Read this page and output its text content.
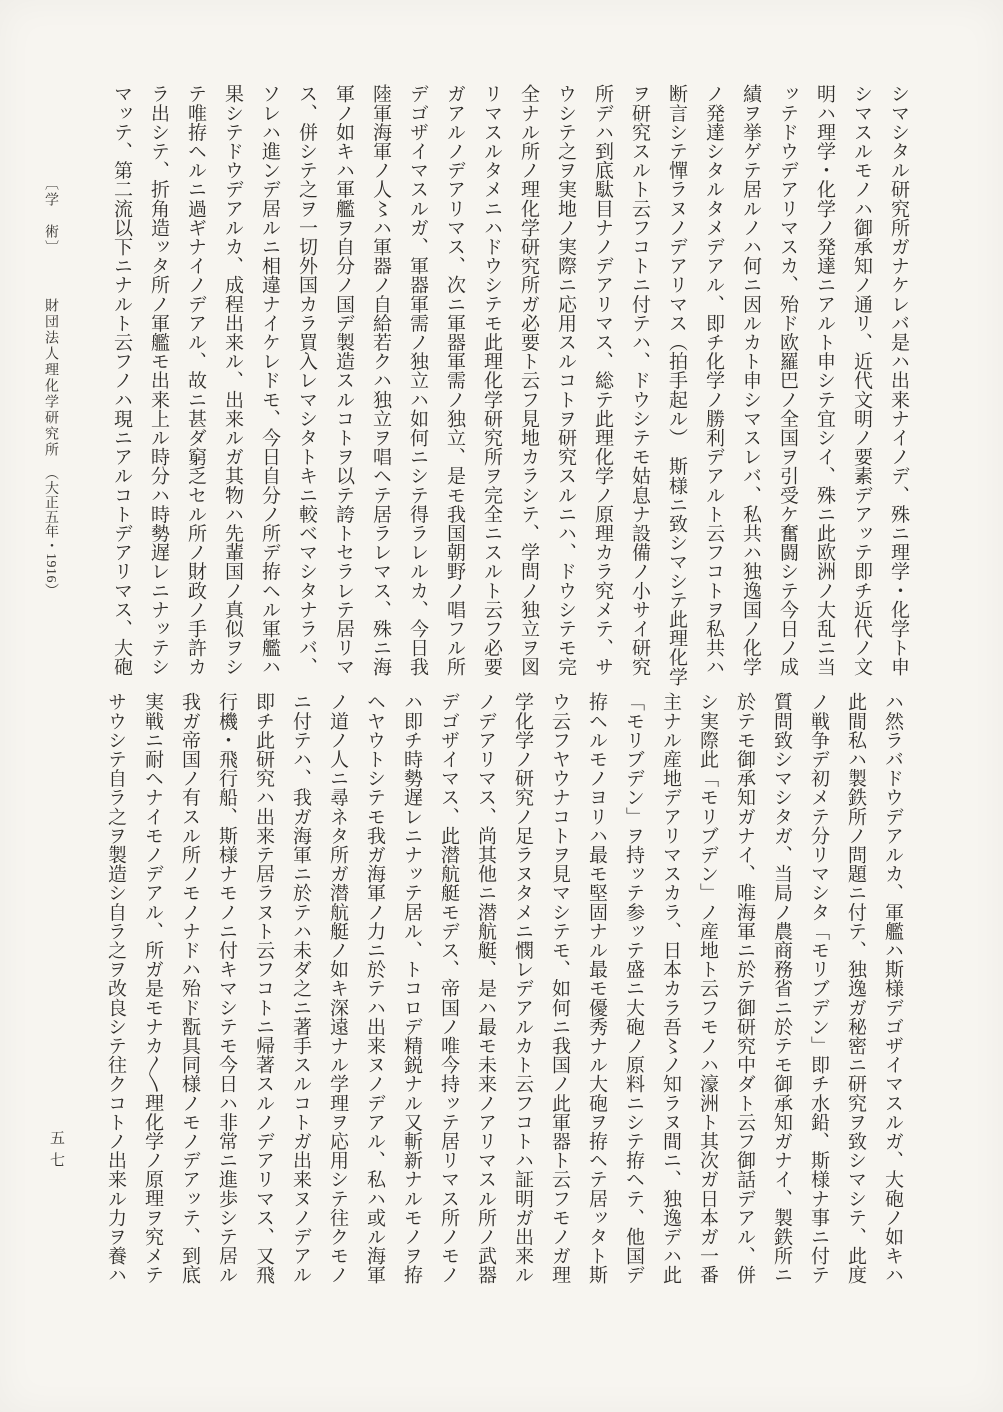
〔学　術〕財団法人理化学研究所（大正五年・1916）	シマシタル研究所ガナケレバ是ハ出来ナイノデ、殊ニ理学・化学ト申

シマスルモノハ御承知ノ通リ、近代文明ノ要素デアッテ即チ近代ノ文

明ハ理学・化学ノ発達ニアルト申シテ宜シイ、殊ニ此欧洲ノ大乱ニ当

ッテドウデアリマスカ、殆ド欧羅巴ノ全国ヲ引受ケ奮闘シテ今日ノ成

績ヲ挙ゲテ居ルノハ何ニ因ルカト申シマスレバ、私共ハ独逸国ノ化学

ノ発達シタルタメデアル、即チ化学ノ勝利デアルト云フコトヲ私共ハ

断言シテ憚ラヌノデアリマス（拍手起ル）　斯様ニ致シマシテ此理化学

ヲ研究スルト云フコトニ付テハ、ドウシテモ姑息ナ設備ノ小サイ研究

所デハ到底駄目ナノデアリマス、総テ此理化学ノ原理カラ究メテ、サ

ウシテ之ヲ実地ノ実際ニ応用スルコトヲ研究スルニハ、ドウシテモ完

全ナル所ノ理化学研究所ガ必要ト云フ見地カラシテ、学問ノ独立ヲ図

リマスルタメニハドウシテモ此理化学研究所ヲ完全ニスルト云フ必要

ガアルノデアリマス、次ニ軍器軍需ノ独立、是モ我国朝野ノ唱フル所

デゴザイマスルガ、軍器軍需ノ独立ハ如何ニシテ得ラレルカ、今日我

陸軍海軍ノ人〻ハ軍器ノ自給若クハ独立ヲ唱ヘテ居ラレマス、殊ニ海

軍ノ如キハ軍艦ヲ自分ノ国デ製造スルコトヲ以テ誇トセラレテ居リマ

ス、併シテ之ヲ一切外国カラ買入レマシタトキニ較ベマシタナラバ、

ソレハ進ンデ居ルニ相違ナイケレドモ、今日自分ノ所デ拵ヘル軍艦ハ

果シテドウデアルカ、成程出来ル、出来ルガ其物ハ先輩国ノ真似ヲシ

テ唯拵ヘルニ過ギナイノデアル、故ニ甚ダ窮乏セル所ノ財政ノ手許カ

ラ出シテ、折角造ッタ所ノ軍艦モ出来上ル時分ハ時勢遅レニナッテシ

マッテ、第二流以下ニナルト云フノハ現ニアルコトデアリマス、大砲

ハ然ラバドウデアルカ、軍艦ハ斯様デゴザイマスルガ、大砲ノ如キハ

此間私ハ製鉄所ノ問題ニ付テ、独逸ガ秘密ニ研究ヲ致シマシテ、此度

ノ戦争デ初メテ分リマシタ「モリブデン」即チ水鉛、斯様ナ事ニ付テ

質問致シマシタガ、当局ノ農商務省ニ於テモ御承知ガナイ、製鉄所ニ

於テモ御承知ガナイ、唯海軍ニ於テ御研究中ダト云フ御話デアル、併

シ実際此「モリブデン」ノ産地ト云フモノハ濠洲ト其次ガ日本ガ一番

主ナル産地デアリマスカラ、日本カラ吾〻ノ知ラヌ間ニ、独逸デハ此

「モリブデン」ヲ持ッテ参ッテ盛ニ大砲ノ原料ニシテ拵ヘテ、他国デ

拵ヘルモノヨリハ最モ堅固ナル最モ優秀ナル大砲ヲ拵ヘテ居ッタト斯

ウ云フヤウナコトヲ見マシテモ、如何ニ我国ノ此軍器ト云フモノガ理

学化学ノ研究ノ足ラヌタメニ憫レデアルカト云フコトハ証明ガ出来ル

ノデアリマス、尚其他ニ潜航艇、是ハ最モ未来ノアリマスル所ノ武器

デゴザイマス、此潜航艇モデス、帝国ノ唯今持ッテ居リマス所ノモノ

ハ即チ時勢遅レニナッテ居ル、トコロデ精鋭ナル又斬新ナルモノヲ拵

ヘヤウトシテモ我ガ海軍ノ力ニ於テハ出来ヌノデアル、私ハ或ル海軍

ノ道ノ人ニ尋ネタ所ガ潜航艇ノ如キ深遠ナル学理ヲ応用シテ往クモノ

ニ付テハ、我ガ海軍ニ於テハ未ダ之ニ著手スルコトガ出来ヌノデアル

即チ此研究ハ出来テ居ラヌト云フコトニ帰著スルノデアリマス、又飛

行機・飛行船、斯様ナモノニ付キマシテモ今日ハ非常ニ進歩シテ居ル

我ガ帝国ノ有スル所ノモノナドハ殆ド翫具同様ノモノデアッテ、到底

実戦ニ耐ヘナイモノデアル、所ガ是モナカ〱理化学ノ原理ヲ究メテ

サウシテ自ラ之ヲ製造シ自ラ之ヲ改良シテ往クコトノ出来ル力ヲ養ハ

五七
